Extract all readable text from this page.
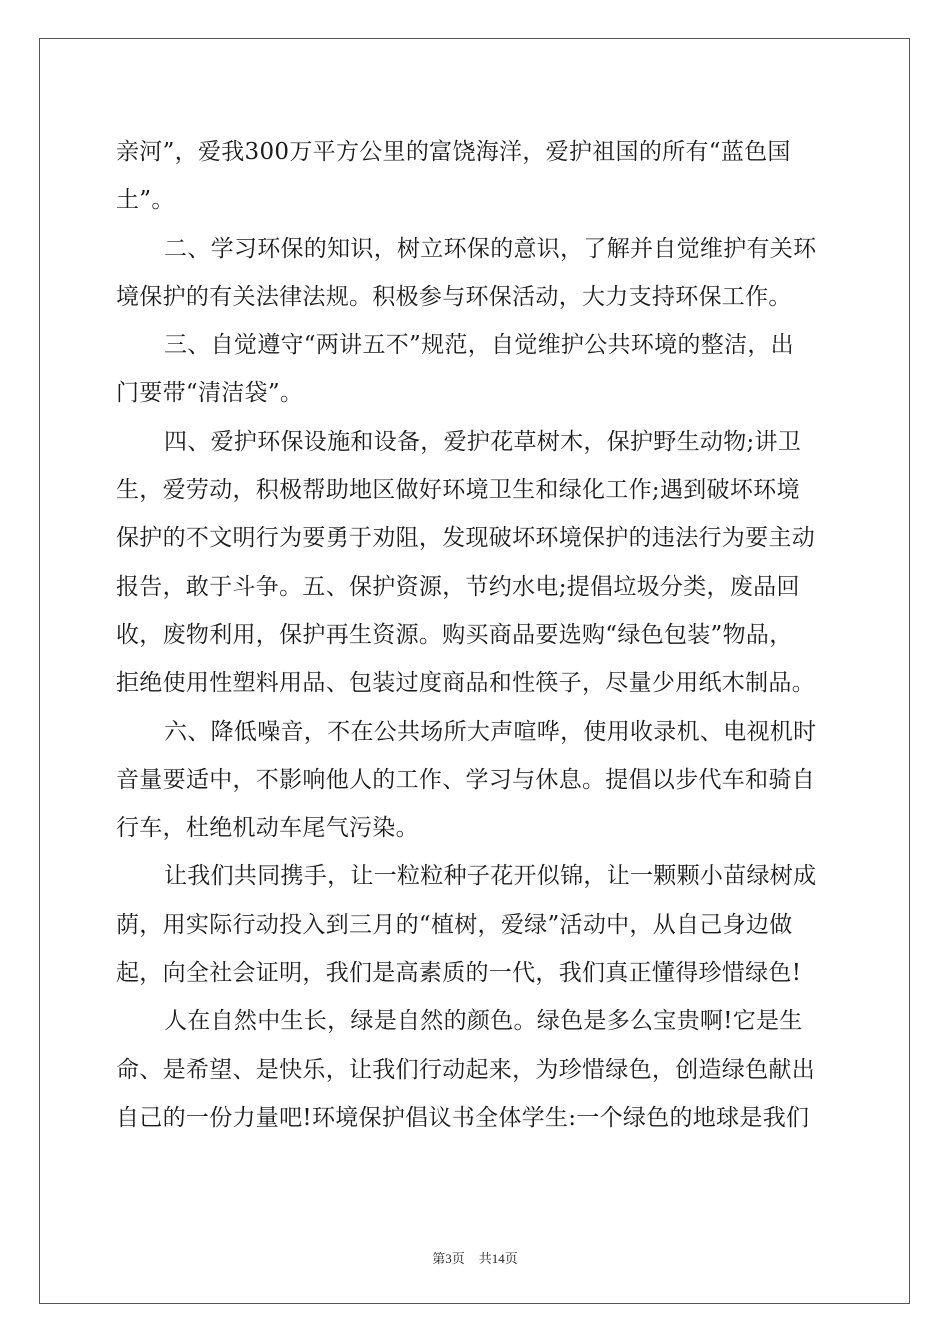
亲河”，爱我300万平方公里的富饶海洋，爱护祖国的所有“蓝色国
土”。
二、学习环保的知识，树立环保的意识，了解并自觉维护有关环
境保护的有关法律法规。积极参与环保活动，大力支持环保工作。
三、自觉遵守“两讲五不”规范，自觉维护公共环境的整洁，出
门要带“清洁袋”。
四、爱护环保设施和设备，爱护花草树木，保护野生动物;讲卫
生，爱劳动，积极帮助地区做好环境卫生和绿化工作;遇到破坏环境
保护的不文明行为要勇于劝阻，发现破坏环境保护的违法行为要主动
报告，敢于斗争。五、保护资源，节约水电;提倡垃圾分类，废品回
收，废物利用，保护再生资源。购买商品要选购“绿色包装”物品，
拒绝使用性塑料用品、包装过度商品和性筷子，尽量少用纸木制品。
六、降低噪音，不在公共场所大声喧哗，使用收录机、电视机时
音量要适中，不影响他人的工作、学习与休息。提倡以步代车和骑自
行车，杜绝机动车尾气污染。
让我们共同携手，让一粒粒种子花开似锦，让一颗颗小苗绿树成
荫，用实际行动投入到三月的“植树，爱绿”活动中，从自己身边做
起，向全社会证明，我们是高素质的一代，我们真正懂得珍惜绿色!
人在自然中生长，绿是自然的颜色。绿色是多么宝贵啊!它是生
命、是希望、是快乐，让我们行动起来，为珍惜绿色，创造绿色献出
自己的一份力量吧!环境保护倡议书全体学生:一个绿色的地球是我们
第3页 共14页
